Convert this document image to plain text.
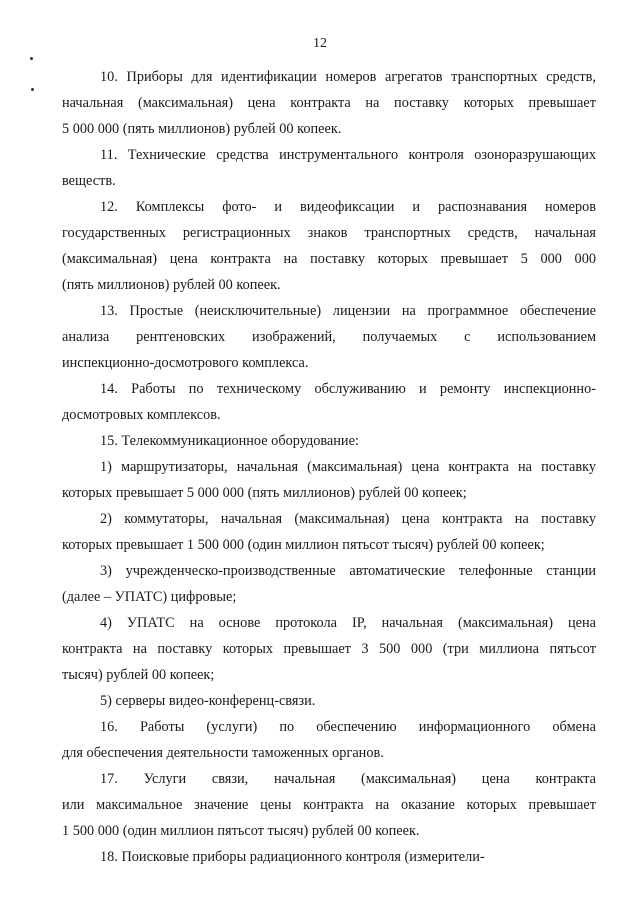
12
10. Приборы для идентификации номеров агрегатов транспортных средств,
начальная (максимальная) цена контракта на поставку которых превышает
5 000 000 (пять миллионов) рублей 00 копеек.
11. Технические средства инструментального контроля озоноразрушающих
веществ.
12. Комплексы фото- и видеофиксации и распознавания номеров
государственных регистрационных знаков транспортных средств, начальная
(максимальная) цена контракта на поставку которых превышает 5 000 000
(пять миллионов) рублей 00 копеек.
13. Простые (неисключительные) лицензии на программное обеспечение
анализа рентгеновских изображений, получаемых с использованием
инспекционно-досмотрового комплекса.
14. Работы по техническому обслуживанию и ремонту инспекционно-
досмотровых комплексов.
15. Телекоммуникационное оборудование:
1) маршрутизаторы, начальная (максимальная) цена контракта на поставку
которых превышает 5 000 000 (пять миллионов) рублей 00 копеек;
2) коммутаторы, начальная (максимальная) цена контракта на поставку
которых превышает 1 500 000 (один миллион пятьсот тысяч) рублей 00 копеек;
3) учрежденческо-производственные автоматические телефонные станции
(далее – УПАТС) цифровые;
4) УПАТС на основе протокола IP, начальная (максимальная) цена
контракта на поставку которых превышает 3 500 000 (три миллиона пятьсот
тысяч) рублей 00 копеек;
5) серверы видео-конференц-связи.
16. Работы (услуги) по обеспечению информационного обмена
для обеспечения деятельности таможенных органов.
17. Услуги связи, начальная (максимальная) цена контракта
или максимальное значение цены контракта на оказание которых превышает
1 500 000 (один миллион пятьсот тысяч) рублей 00 копеек.
18. Поисковые приборы радиационного контроля (измерители-
